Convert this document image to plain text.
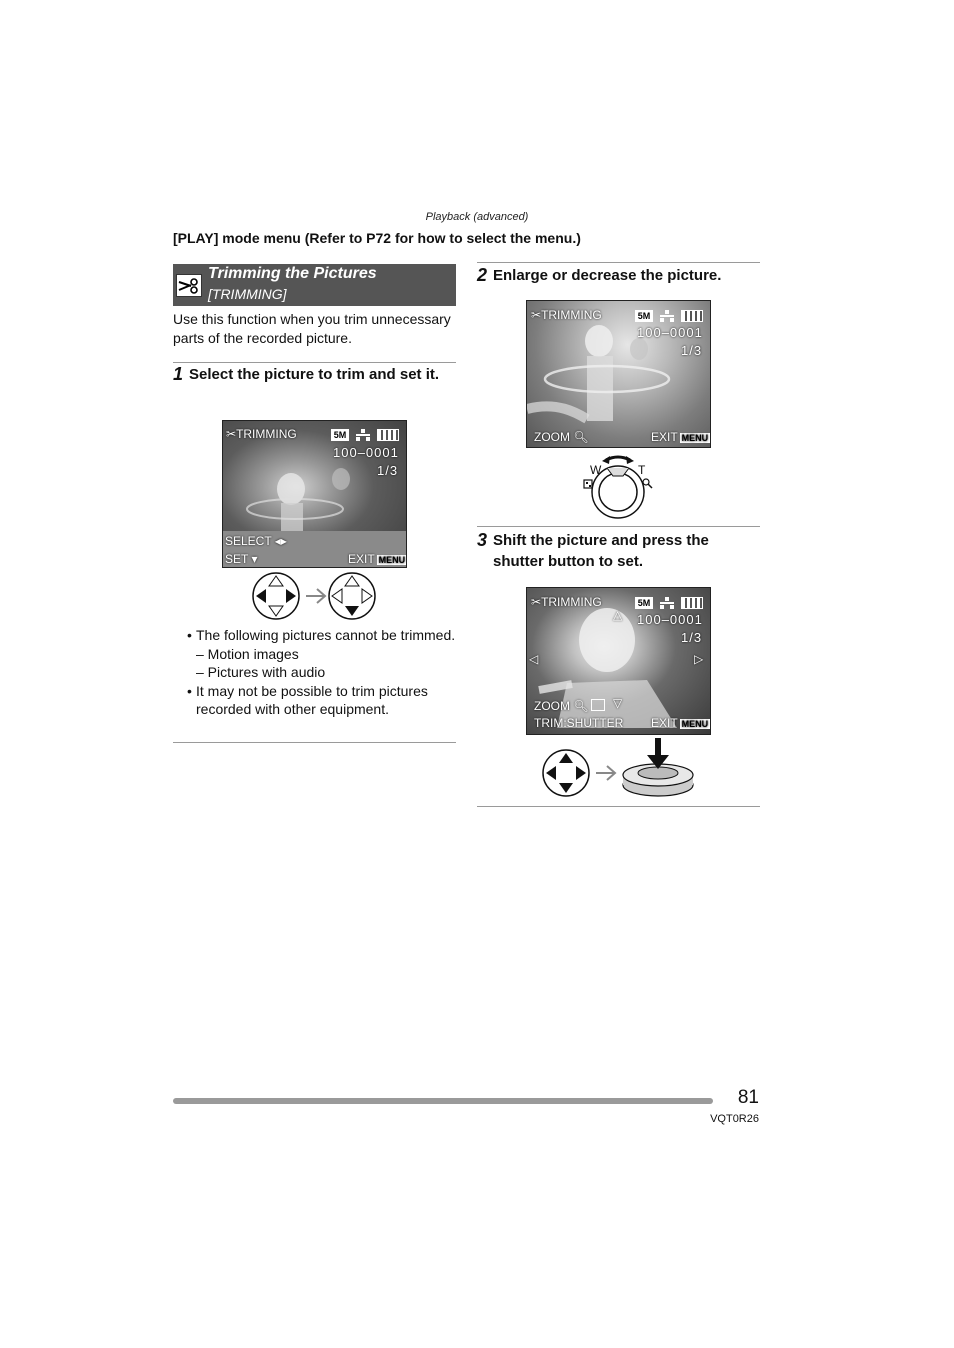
Playback (advanced)
[PLAY] mode menu (Refer to P72 for how to select the menu.)
Trimming the Pictures
[TRIMMING]
Use this function when you trim unnecessary parts of the recorded picture.
1 Select the picture to trim and set it.
✂TRIMMING	5M
100–0001
1/3
SELECT ◂▸
SET ▾	EXIT MENU
• The following pictures cannot be trimmed.
– Motion images
– Pictures with audio
• It may not be possible to trim pictures recorded with other equipment.
2 Enlarge or decrease the picture.
✂TRIMMING	5M
100–0001
1/3
ZOOM 🔍︎	EXIT MENU
W	T
3 Shift the picture and press the shutter button to set.
✂TRIMMING	5M
100–0001
1/3
△
▽
◁	▷
ZOOM 🔍︎
TRIM:SHUTTER EXIT MENU
81
VQT0R26
